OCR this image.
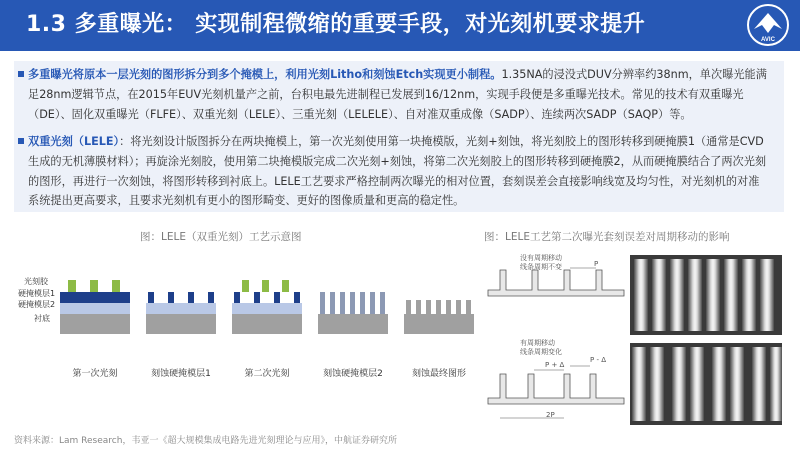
1.3 多重曝光： 实现制程微缩的重要手段，对光刻机要求提升
AVIC
多重曝光将原本一层光刻的图形拆分到多个掩模上，利用光刻Litho和刻蚀Etch实现更小制程。1.35NA的浸没式DUV分辨率约38nm，单次曝光能满足28nm逻辑节点，在2015年EUV光刻机量产之前，台积电最先进制程已发展到16/12nm，实现手段便是多重曝光技术。常见的技术有双重曝光（DE）、固化双重曝光（FLFE）、双重光刻（LELE）、三重光刻（LELELE）、自对准双重成像（SADP）、连续两次SADP（SAQP）等。
双重光刻（LELE）：将光刻设计版图拆分在两块掩模上，第一次光刻使用第一块掩模版，光刻+刻蚀，将光刻胶上的图形转移到硬掩膜1（通常是CVD生成的无机薄膜材料）；再旋涂光刻胶，使用第二块掩模版完成二次光刻+刻蚀，将第二次光刻胶上的图形转移到硬掩膜2，从而硬掩膜结合了两次光刻的图形，再进行一次刻蚀，将图形转移到衬底上。LELE工艺要求严格控制两次曝光的相对位置，套刻误差会直接影响线宽及均匀性，对光刻机的对准系统提出更高要求，且要求光刻机有更小的图形畸变、更好的图像质量和更高的稳定性。
图：LELE（双重光刻）工艺示意图
光刻胶
硬掩模层1
硬掩模层2
衬底
第一次光刻	刻蚀硬掩模层1	第二次光刻	刻蚀硬掩模层2	刻蚀最终图形
图：LELE工艺第二次曝光套刻误差对周期移动的影响
没有周期移动
线条周期不变
有周期移动
线条周期变化
P
P - Δ
P + Δ
2P
资料来源：Lam Research，韦亚一《超大规模集成电路先进光刻理论与应用》，中航证券研究所
